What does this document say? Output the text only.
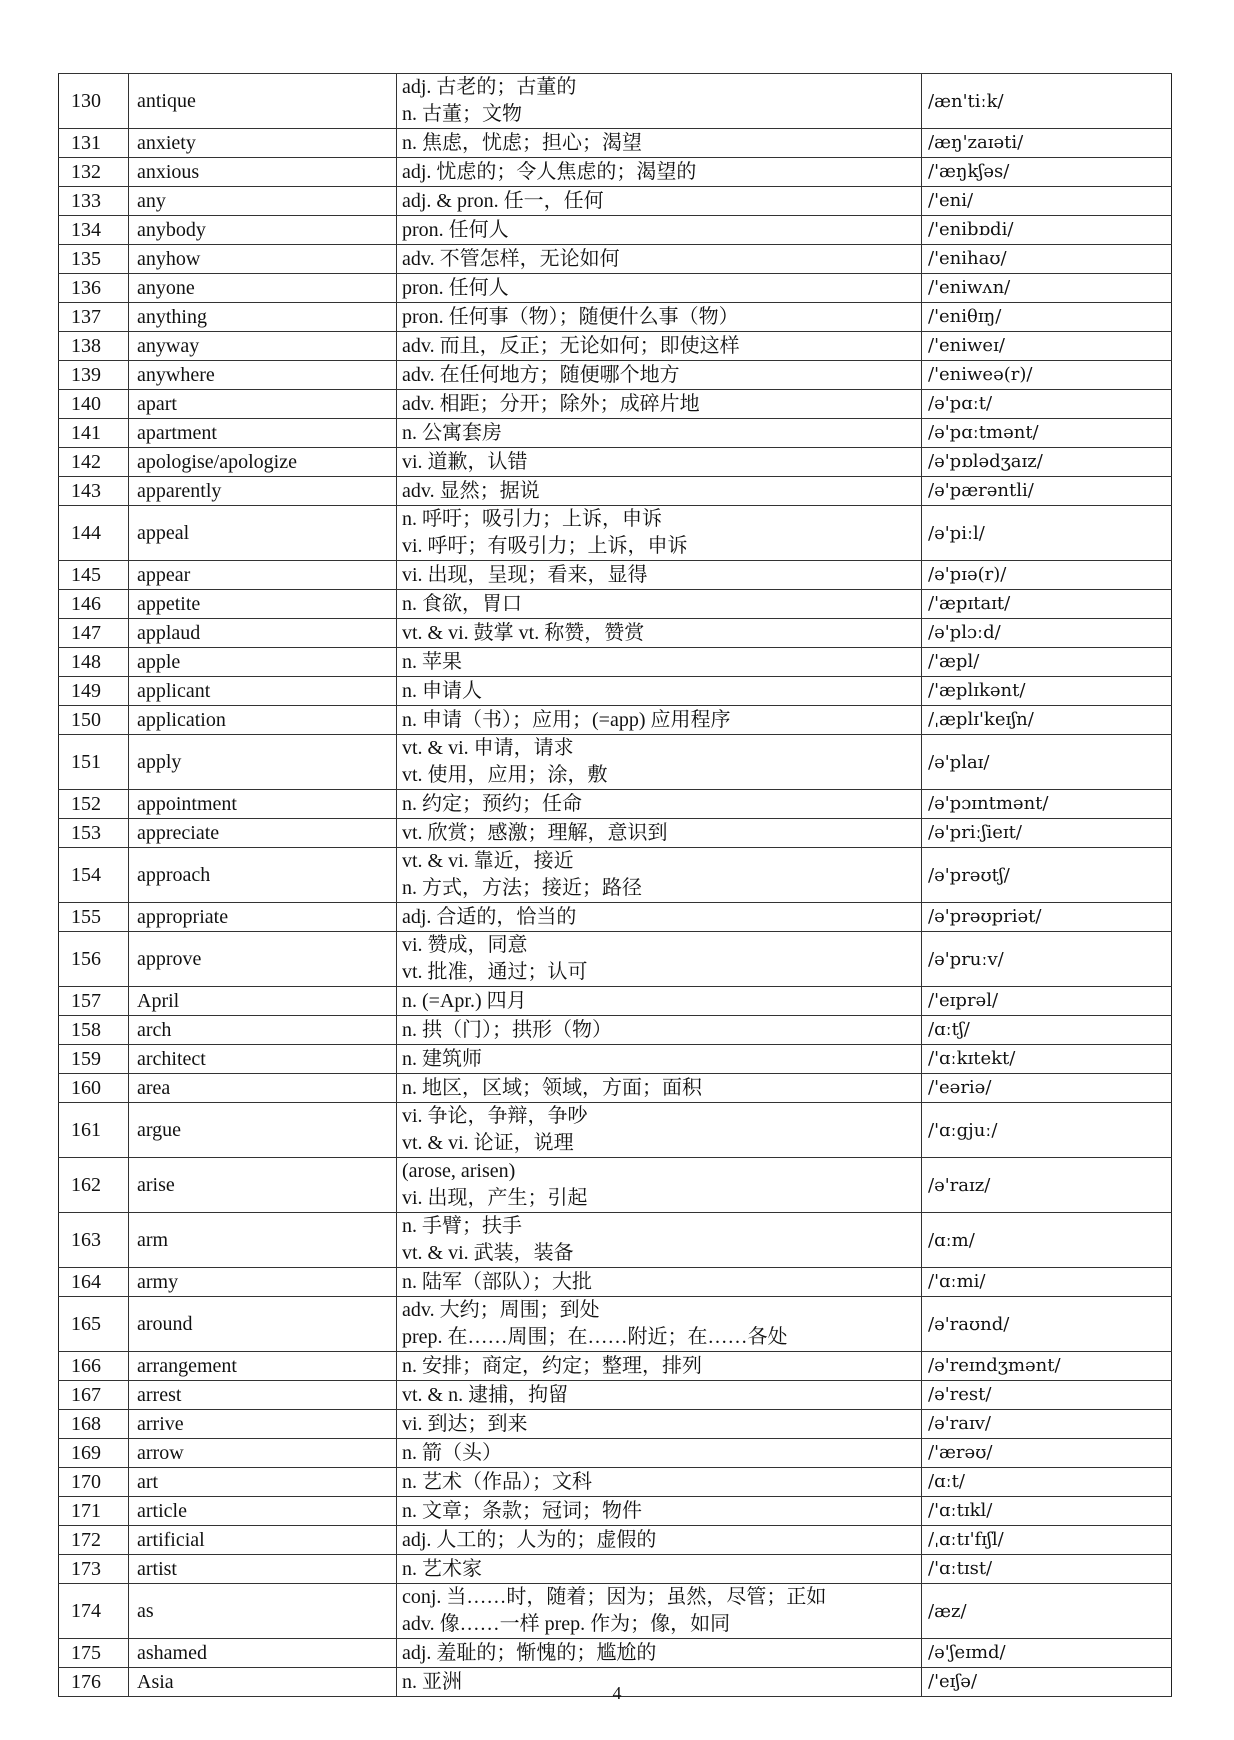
130	antique	adj. 古老的；古董的
n. 古董；文物	/æn'tiːk/
131	anxiety	n. 焦虑，忧虑；担心；渴望	/æŋ'zaɪəti/
132	anxious	adj. 忧虑的；令人焦虑的；渴望的	/'æŋkʃəs/
133	any	adj. & pron. 任一，任何	/'eni/
134	anybody	pron. 任何人	/'enibɒdi/
135	anyhow	adv. 不管怎样，无论如何	/'enihaʊ/
136	anyone	pron. 任何人	/'eniwʌn/
137	anything	pron. 任何事（物）；随便什么事（物）	/'eniθɪŋ/
138	anyway	adv. 而且，反正；无论如何；即使这样	/'eniweɪ/
139	anywhere	adv. 在任何地方；随便哪个地方	/'eniweə(r)/
140	apart	adv. 相距；分开；除外；成碎片地	/ə'pɑːt/
141	apartment	n. 公寓套房	/ə'pɑːtmənt/
142	apologise/apologize	vi. 道歉，认错	/ə'pɒlədʒaɪz/
143	apparently	adv. 显然；据说	/ə'pærəntli/
144	appeal	n. 呼吁；吸引力；上诉，申诉
vi. 呼吁；有吸引力；上诉，申诉	/ə'piːl/
145	appear	vi. 出现，呈现；看来，显得	/ə'pɪə(r)/
146	appetite	n. 食欲，胃口	/'æpɪtaɪt/
147	applaud	vt. & vi. 鼓掌 vt. 称赞，赞赏	/ə'plɔːd/
148	apple	n. 苹果	/'æpl/
149	applicant	n. 申请人	/'æplɪkənt/
150	application	n. 申请（书）；应用；(=app) 应用程序	/ˌæplɪ'keɪʃn/
151	apply	vt. & vi. 申请，请求
vt. 使用，应用；涂，敷	/ə'plaɪ/
152	appointment	n. 约定；预约；任命	/ə'pɔɪntmənt/
153	appreciate	vt. 欣赏；感激；理解，意识到	/ə'priːʃieɪt/
154	approach	vt. & vi. 靠近，接近
n. 方式，方法；接近；路径	/ə'prəʊtʃ/
155	appropriate	adj. 合适的，恰当的	/ə'prəʊpriət/
156	approve	vi. 赞成，同意
vt. 批准，通过；认可	/ə'pruːv/
157	April	n. (=Apr.) 四月	/'eɪprəl/
158	arch	n. 拱（门）；拱形（物）	/ɑːtʃ/
159	architect	n. 建筑师	/'ɑːkɪtekt/
160	area	n. 地区，区域；领域，方面；面积	/'eəriə/
161	argue	vi. 争论，争辩，争吵
vt. & vi. 论证，说理	/'ɑːgjuː/
162	arise	(arose, arisen)
vi. 出现，产生；引起	/ə'raɪz/
163	arm	n. 手臂；扶手
vt. & vi. 武装，装备	/ɑːm/
164	army	n. 陆军（部队）；大批	/'ɑːmi/
165	around	adv. 大约；周围；到处
prep. 在……周围；在……附近；在……各处	/ə'raʊnd/
166	arrangement	n. 安排；商定，约定；整理，排列	/ə'reɪndʒmənt/
167	arrest	vt. & n. 逮捕，拘留	/ə'rest/
168	arrive	vi. 到达；到来	/ə'raɪv/
169	arrow	n. 箭（头）	/'ærəʊ/
170	art	n. 艺术（作品）；文科	/ɑːt/
171	article	n. 文章；条款；冠词；物件	/'ɑːtɪkl/
172	artificial	adj. 人工的；人为的；虚假的	/ˌɑːtɪ'fɪʃl/
173	artist	n. 艺术家	/'ɑːtɪst/
174	as	conj. 当……时，随着；因为；虽然，尽管；正如
adv. 像……一样 prep. 作为；像，如同	/æz/
175	ashamed	adj. 羞耻的；惭愧的；尴尬的	/ə'ʃeɪmd/
176	Asia	n. 亚洲	/'eɪʃə/
4
